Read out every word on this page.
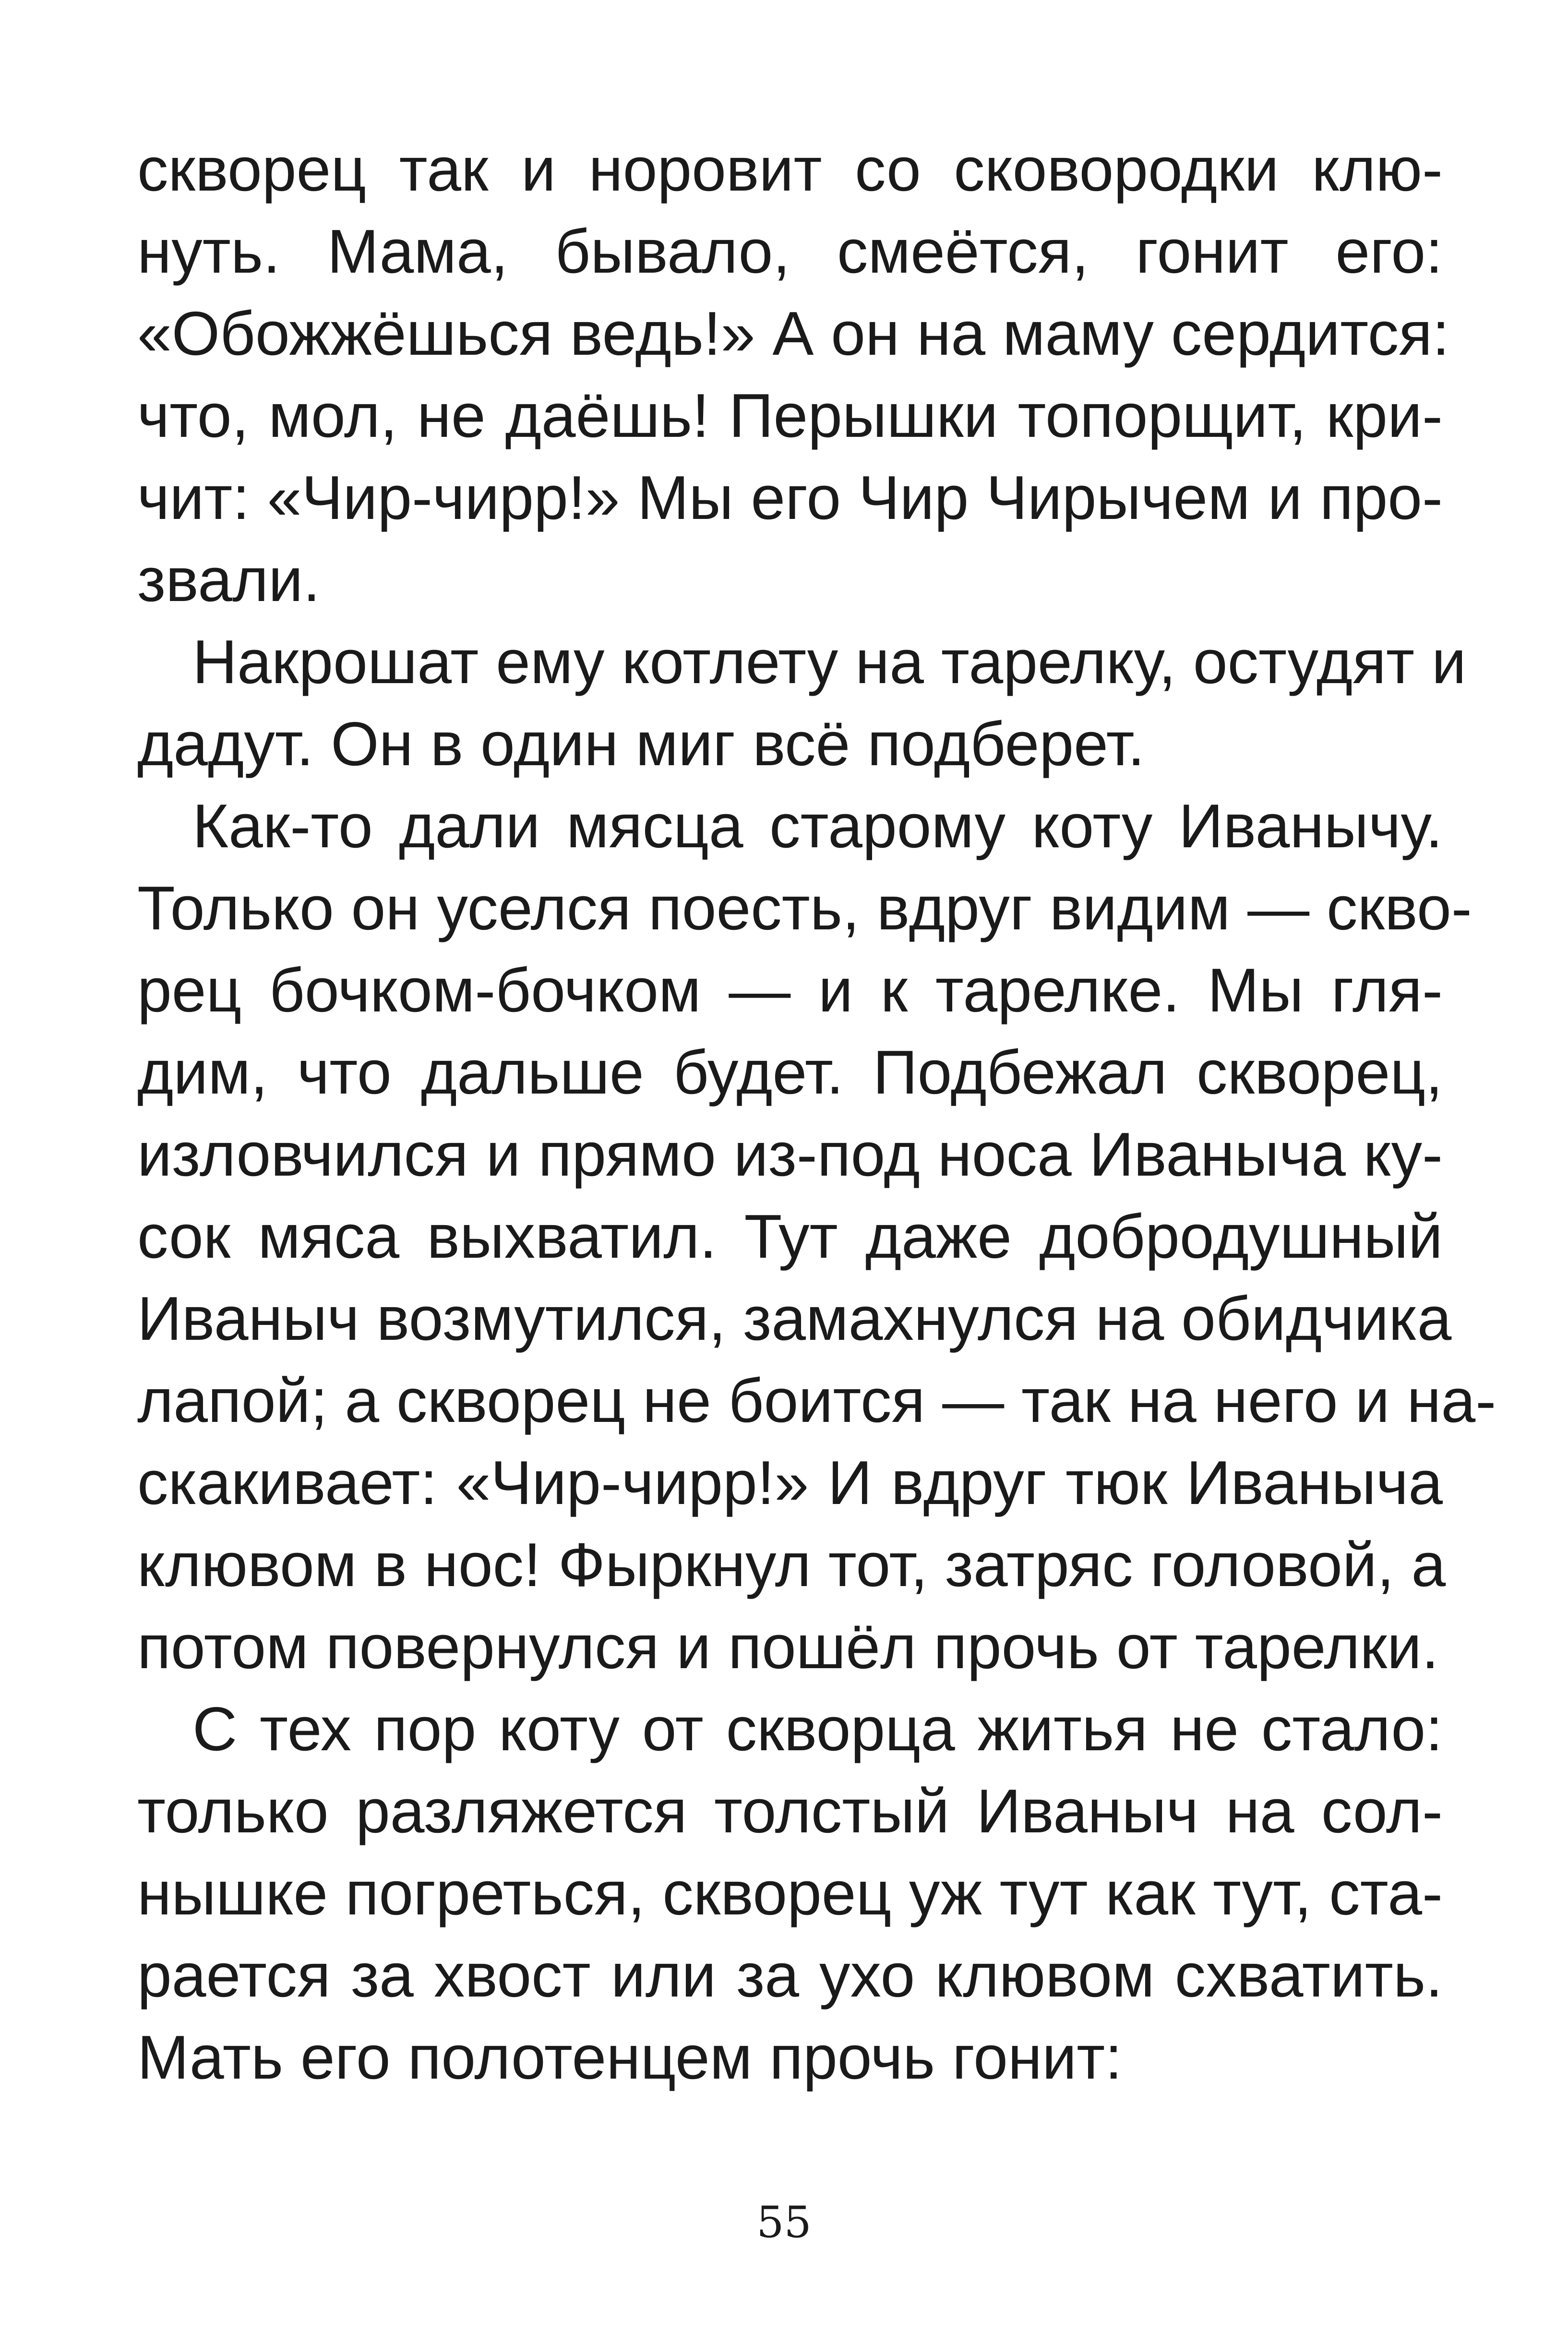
скворец так и норовит со сковородки клю-
нуть. Мама, бывало, смеётся, гонит его:
«Обожжёшься ведь!» А он на маму сердится:
что, мол, не даёшь! Перышки топорщит, кри-
чит: «Чир-чирр!» Мы его Чир Чирычем и про-
звали.
Накрошат ему котлету на тарелку, остудят и
дадут. Он в один миг всё подберет.
Как-то дали мясца старому коту Иванычу.
Только он уселся поесть, вдруг видим — скво-
рец бочком-бочком — и к тарелке. Мы гля-
дим, что дальше будет. Подбежал скворец,
изловчился и прямо из-под носа Иваныча ку-
сок мяса выхватил. Тут даже добродушный
Иваныч возмутился, замахнулся на обидчика
лапой; а скворец не боится — так на него и на-
скакивает: «Чир-чирр!» И вдруг тюк Иваныча
клювом в нос! Фыркнул тот, затряс головой, а
потом повернулся и пошёл прочь от тарелки.
С тех пор коту от скворца житья не стало:
только разляжется толстый Иваныч на сол-
нышке погреться, скворец уж тут как тут, ста-
рается за хвост или за ухо клювом схватить.
Мать его полотенцем прочь гонит:
55
